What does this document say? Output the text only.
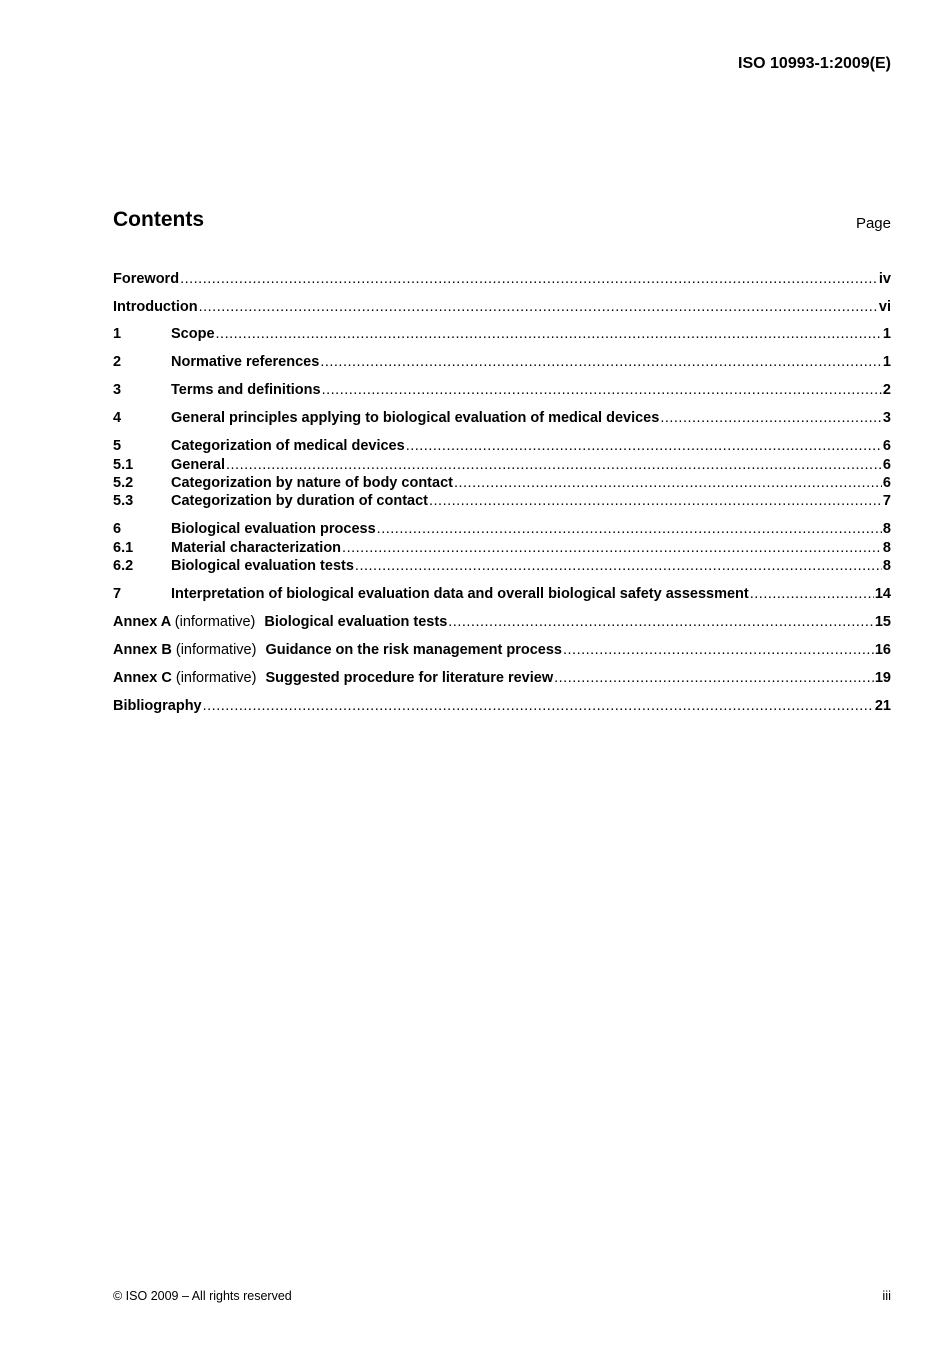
ISO 10993-1:2009(E)
Contents	Page
Foreword .....	iv
Introduction .....	vi
1	Scope .....	1
2	Normative references .....	1
3	Terms and definitions .....	2
4	General principles applying to biological evaluation of medical devices .....	3
5	Categorization of medical devices .....	6
5.1	General .....	6
5.2	Categorization by nature of body contact .....	6
5.3	Categorization by duration of contact .....	7
6	Biological evaluation process .....	8
6.1	Material characterization .....	8
6.2	Biological evaluation tests .....	8
7	Interpretation of biological evaluation data and overall biological safety assessment .....	14
Annex A (informative) Biological evaluation tests .....	15
Annex B (informative) Guidance on the risk management process .....	16
Annex C (informative) Suggested procedure for literature review .....	19
Bibliography .....	21
© ISO 2009 – All rights reserved	iii
